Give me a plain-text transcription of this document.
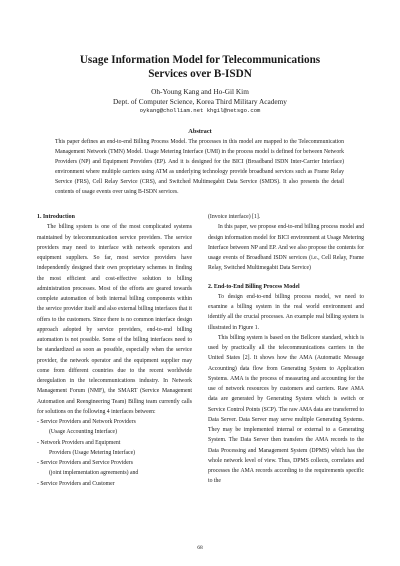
Usage Information Model for Telecommunications
Services over B-ISDN
Oh-Young Kang and Ho-Gil Kim
Dept. of Computer Science, Korea Third Military Academy
oykang@cholliam.net khgil@netsgo.com
Abstract
This paper defines an end-to-end Billing Process Model. The processes in this model are mapped to the Telecommunication Management Network (TMN) Model. Usage Metering Interface (UMI) in the process model is defined for between Network Providers (NP) and Equipment Providers (EP). And it is designed for the BICI (Broadband ISDN Inter-Carrier Interface) environment where multiple carriers using ATM as underlying technology provide broadband services such as Frame Relay Service (FRS), Cell Relay Service (CRS), and Switched Multimegabit Data Service (SMDS). It also presents the detail contents of usage events over using B-ISDN services.

1. Introduction

The billing system is one of the most complicated systems maintained by telecommunication service providers. The service providers may need to interface with network operators and equipment suppliers. So far, most service providers have independently designed their own proprietary schemes in finding the most efficient and cost-effective solution to billing administration processes. Most of the efforts are geared towards complete automation of both internal billing components within the service provider itself and also external billing interfaces that it offers to the customers. Since there is no common interface design approach adopted by service providers, end-to-end billing automation is not possible. Some of the billing interfaces need to be standardized as soon as possible, especially when the service provider, the network operator and the equipment supplier may come from different countries due to the recent worldwide deregulation in the telecommunications industry. In Network Management Forum (NMF), the SMART (Service Management Automation and Reengineering Team) Billing team currently calls for solutions on the following 4 interfaces between:

- Service Providers and Network Providers
(Usage Accounting Interface)
- Network Providers and Equipment
Providers (Usage Metering Interface)
- Service Providers and Service Providers
(joint implementation agreements) and
- Service Providers and Customer

(Invoice interface) [1].

In this paper, we propose end-to-end billing process model and design information model for BICI environment at Usage Metering Interface between NP and EP. And we also propose the contents for usage events of Broadband ISDN services (i.e., Cell Relay, Frame Relay, Switched Multimegabit Data Service)

2. End-to-End Billing Process Model

To design end-to-end billing process model, we need to examine a billing system in the real world environment and identify all the crucial processes. An example real billing system is illustrated in Figure 1.

This billing system is based on the Bellcore standard, which is used by practically all the telecommunications carriers in the United States [2]. It shows how the AMA (Automatic Message Accounting) data flow from Generating System to Application Systems. AMA is the process of measuring and accounting for the use of network resources by customers and carriers. Raw AMA data are generated by Generating System which is switch or Service Control Points (SCP). The raw AMA data are transferred to Data Server. Data Server may serve multiple Generating Systems. They may be implemented internal or external to a Generating System. The Data Server then transfers the AMA records to the Data Processing and Management System (DPMS) which has the whole network level of view. Thus, DPMS collects, correlates and processes the AMA records according to the requirements specific to the

68
